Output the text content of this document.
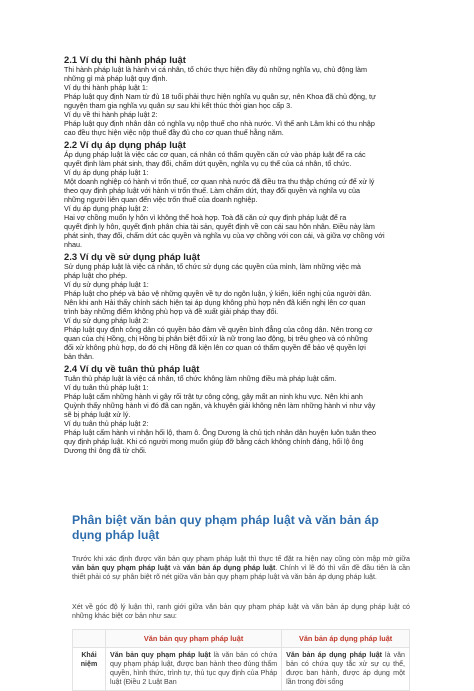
2.1 Ví dụ thi hành pháp luật

Thi hành pháp luật là hành vi cá nhân, tổ chức thực hiện đầy đủ những nghĩa vụ, chủ động làm

những gì mà pháp luật quy định.

Ví dụ thi hành pháp luật 1:

Pháp luật quy định Nam từ đủ 18 tuổi phải thực hiện nghĩa vụ quân sự, nên Khoa đã chủ động, tự

nguyện tham gia nghĩa vụ quân sự sau khi kết thúc thời gian học cấp 3.

Ví dụ về thi hành pháp luật 2:

Pháp luật quy định nhân dân có nghĩa vụ nộp thuế cho nhà nước. Vì thế anh Lâm khi có thu nhập

cao đều thực hiện việc nộp thuế đầy đủ cho cơ quan thuế hằng năm.

2.2 Ví dụ áp dụng pháp luật

Áp dụng pháp luật là việc các cơ quan, cá nhân có thẩm quyền căn cứ vào pháp luật để ra các

quyết định làm phát sinh, thay đổi, chấm dứt quyền, nghĩa vụ cụ thể của cá nhân, tổ chức.

Ví dụ áp dụng pháp luật 1:

Một doanh nghiệp có hành vi trốn thuế, cơ quan nhà nước đã điều tra thu thập chứng cứ để xử lý

theo quy định pháp luật với hành vi trốn thuế. Làm chấm dứt, thay đổi quyền và nghĩa vụ của

những người liên quan đến việc trốn thuế của doanh nghiệp.

Ví dụ áp dụng pháp luật 2:

Hai vợ chồng muốn ly hôn vì không thể hoà hợp. Toà đã căn cứ quy định pháp luật để ra

quyết định ly hôn, quyết định phân chia tài sản, quyết định về con cái sau hôn nhân. Điều này làm

phát sinh, thay đổi, chấm dứt các quyền và nghĩa vụ của vợ chồng với con cái, và giữa vợ chồng với

nhau.

2.3 Ví dụ về sử dụng pháp luật

Sử dụng pháp luật là việc cá nhân, tổ chức sử dụng các quyền của mình, làm những việc mà

pháp luật cho phép.

Ví dụ sử dụng pháp luật 1:

Pháp luật cho phép và bảo vệ những quyền về tự do ngôn luận, ý kiến, kiến nghị của người dân.

Nên khi anh Hải thấy chính sách hiện tại áp dụng không phù hợp nên đã kiến nghị lên cơ quan

trình bày những điểm không phù hợp và đề xuất giải pháp thay đổi.

Ví dụ sử dụng pháp luật 2:

Pháp luật quy định công dân có quyền bảo đảm về quyền bình đẳng của công dân. Nên trong cơ

quan của chị Hồng, chị Hồng bị phân biệt đối xử là nữ trong lao động, bị trêu ghẹo và có những

đối xử không phù hợp, do đó chị Hồng đã kiện lên cơ quan có thẩm quyền để bảo vệ quyền lợi

bản thân.

2.4 Ví dụ về tuân thủ pháp luật

Tuân thủ pháp luật là việc cá nhân, tổ chức không làm những điều mà pháp luật cấm.

Ví dụ tuân thủ pháp luật 1:

Pháp luật cấm những hành vi gây rối trật tự công cộng, gây mất an ninh khu vực. Nên khi anh

Quỳnh thấy những hành vi đó đã can ngăn, và khuyên giải không nên làm những hành vi như vậy

sẽ bị pháp luật xử lý.

Ví dụ tuân thủ pháp luật 2:

Pháp luật cấm hành vi nhận hối lộ, tham ô. Ông Dương là chủ tịch nhân dân huyện luôn tuân theo

quy định pháp luật. Khi có người mong muốn giúp đỡ bằng cách không chính đáng, hối lộ ông

Dương thì ông đã từ chối.

Phân biệt văn bản quy phạm pháp luật và văn bản áp dụng pháp luật

Trước khi xác định được văn bản quy phạm pháp luật thì thực tế đặt ra hiện nay cũng còn mập mờ giữa văn bản quy phạm pháp luật và văn bản áp dụng pháp luật. Chính vì lẽ đó thì vấn đề đầu tiên là cần thiết phải có sự phân biệt rõ nét giữa văn bản quy phạm pháp luật và văn bản áp dụng pháp luật.

Xét về góc độ lý luận thì, ranh giới giữa văn bản quy phạm pháp luật và văn bản áp dụng pháp luật có những khác biệt cơ bản như sau:

	Văn bản quy phạm pháp luật	Văn bản áp dụng pháp luật
Khái niệm	Văn bản quy phạm pháp luật là văn bản có chứa quy phạm pháp luật, được ban hành theo đúng thẩm quyền, hình thức, trình tự, thủ tục quy định của Pháp luật (Điều 2 Luật Ban	Văn bản áp dụng pháp luật là văn bản có chứa quy tắc xử sự cụ thể, được ban hành, được áp dụng một lần trong đời sống
